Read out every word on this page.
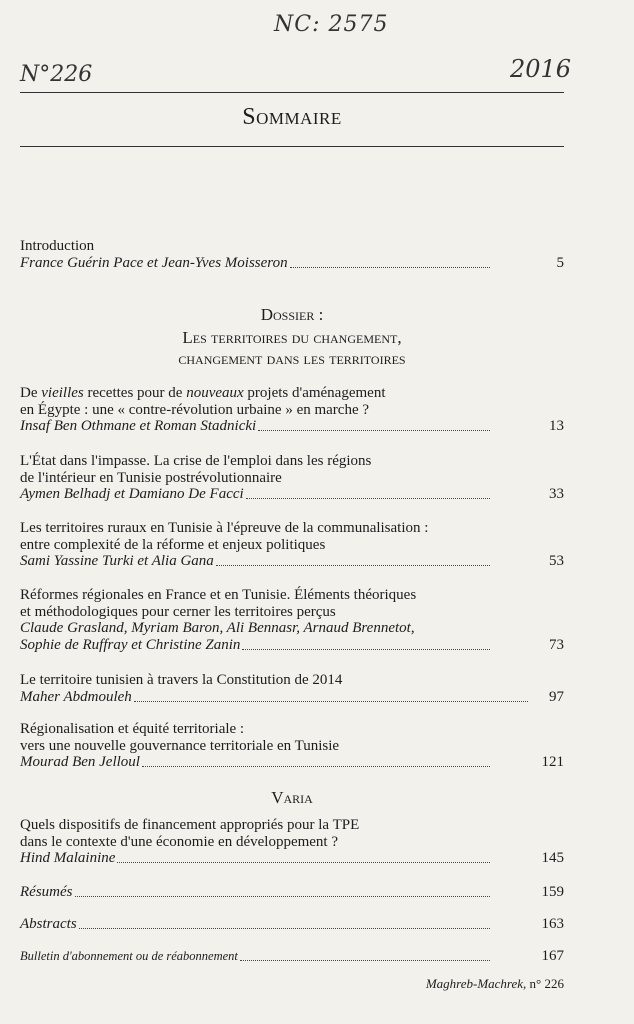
NC: 2575
N°226	2016
Sommaire
Introduction
France Guérin Pace et Jean-Yves Moisseron	5
Dossier :
Les territoires du changement,
changement dans les territoires
De vieilles recettes pour de nouveaux projets d'aménagement
en Égypte : une « contre-révolution urbaine » en marche ?
Insaf Ben Othmane et Roman Stadnicki	13
L'État dans l'impasse. La crise de l'emploi dans les régions
de l'intérieur en Tunisie postrévolutionnaire
Aymen Belhadj et Damiano De Facci	33
Les territoires ruraux en Tunisie à l'épreuve de la communalisation :
entre complexité de la réforme et enjeux politiques
Sami Yassine Turki et Alia Gana	53
Réformes régionales en France et en Tunisie. Éléments théoriques
et méthodologiques pour cerner les territoires perçus
Claude Grasland, Myriam Baron, Ali Bennasr, Arnaud Brennetot,
Sophie de Ruffray et Christine Zanin	73
Le territoire tunisien à travers la Constitution de 2014
Maher Abdmouleh	97
Régionalisation et équité territoriale :
vers une nouvelle gouvernance territoriale en Tunisie
Mourad Ben Jelloul	121
Varia
Quels dispositifs de financement appropriés pour la TPE
dans le contexte d'une économie en développement ?
Hind Malainine	145
Résumés	159
Abstracts	163
Bulletin d'abonnement ou de réabonnement	167
Maghreb-Machrek, n° 226
